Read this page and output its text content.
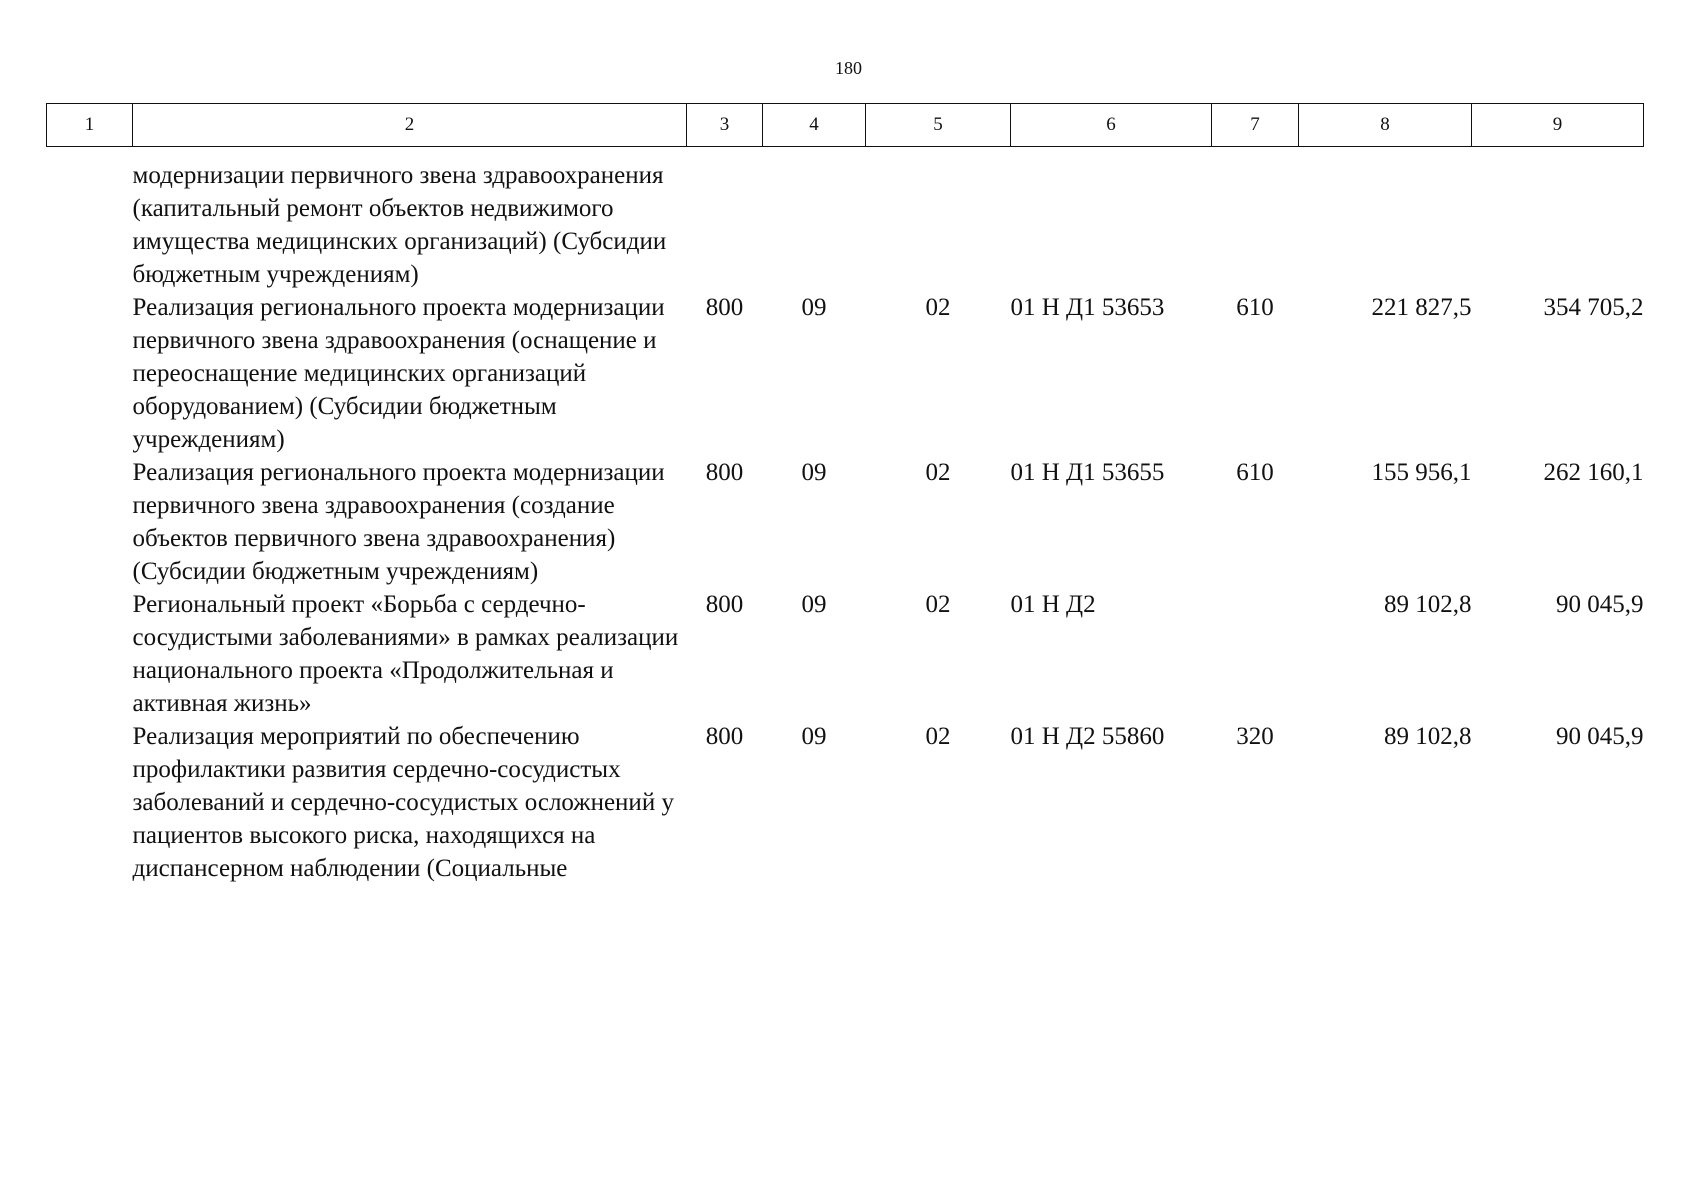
180
1	2	3	4	5	6	7	8	9
	модернизации первичного звена здравоохранения (капитальный ремонт объектов недвижимого имущества медицинских организаций) (Субсидии бюджетным учреждениям)							
	Реализация регионального проекта модернизации первичного звена здравоохранения (оснащение и переоснащение медицинских организаций оборудованием) (Субсидии бюджетным учреждениям)	800	09	02	01 Н Д1 53653	610	221 827,5	354 705,2
	Реализация регионального проекта модернизации первичного звена здравоохранения (создание объектов первичного звена здравоохранения) (Субсидии бюджетным учреждениям)	800	09	02	01 Н Д1 53655	610	155 956,1	262 160,1
	Региональный проект «Борьба с сердечно-сосудистыми заболеваниями» в рамках реализации национального проекта «Продолжительная и активная жизнь»	800	09	02	01 Н Д2		89 102,8	90 045,9
	Реализация мероприятий по обеспечению профилактики развития сердечно-сосудистых заболеваний и сердечно-сосудистых осложнений у пациентов высокого риска, находящихся на диспансерном наблюдении (Социальные	800	09	02	01 Н Д2 55860	320	89 102,8	90 045,9
